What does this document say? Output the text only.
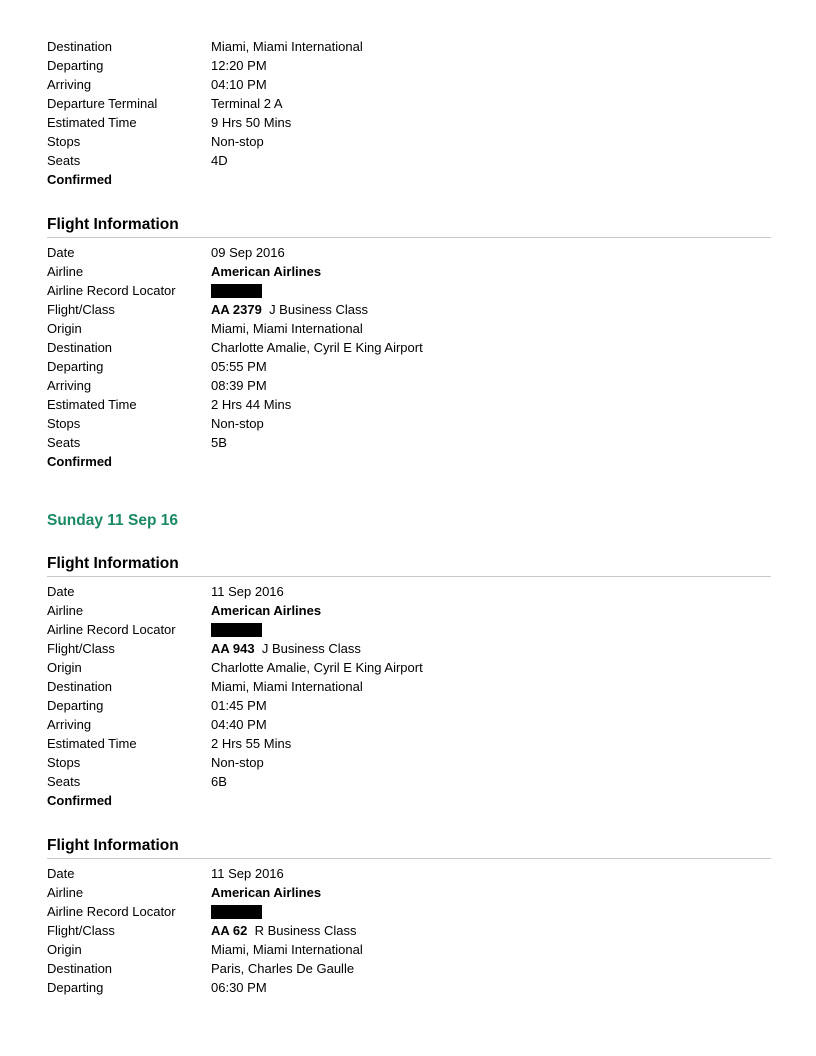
Destination	Miami, Miami International
Departing	12:20 PM
Arriving	04:10 PM
Departure Terminal	Terminal 2 A
Estimated Time	9 Hrs 50 Mins
Stops	Non-stop
Seats	4D
Confirmed
Flight Information
Date	09 Sep 2016
Airline	American Airlines
Airline Record Locator
Flight/Class	AA 2379 J Business Class
Origin	Miami, Miami International
Destination	Charlotte Amalie, Cyril E King Airport
Departing	05:55 PM
Arriving	08:39 PM
Estimated Time	2 Hrs 44 Mins
Stops	Non-stop
Seats	5B
Confirmed
Sunday 11 Sep 16
Flight Information
Date	11 Sep 2016
Airline	American Airlines
Airline Record Locator
Flight/Class	AA 943 J Business Class
Origin	Charlotte Amalie, Cyril E King Airport
Destination	Miami, Miami International
Departing	01:45 PM
Arriving	04:40 PM
Estimated Time	2 Hrs 55 Mins
Stops	Non-stop
Seats	6B
Confirmed
Flight Information
Date	11 Sep 2016
Airline	American Airlines
Airline Record Locator
Flight/Class	AA 62 R Business Class
Origin	Miami, Miami International
Destination	Paris, Charles De Gaulle
Departing	06:30 PM
